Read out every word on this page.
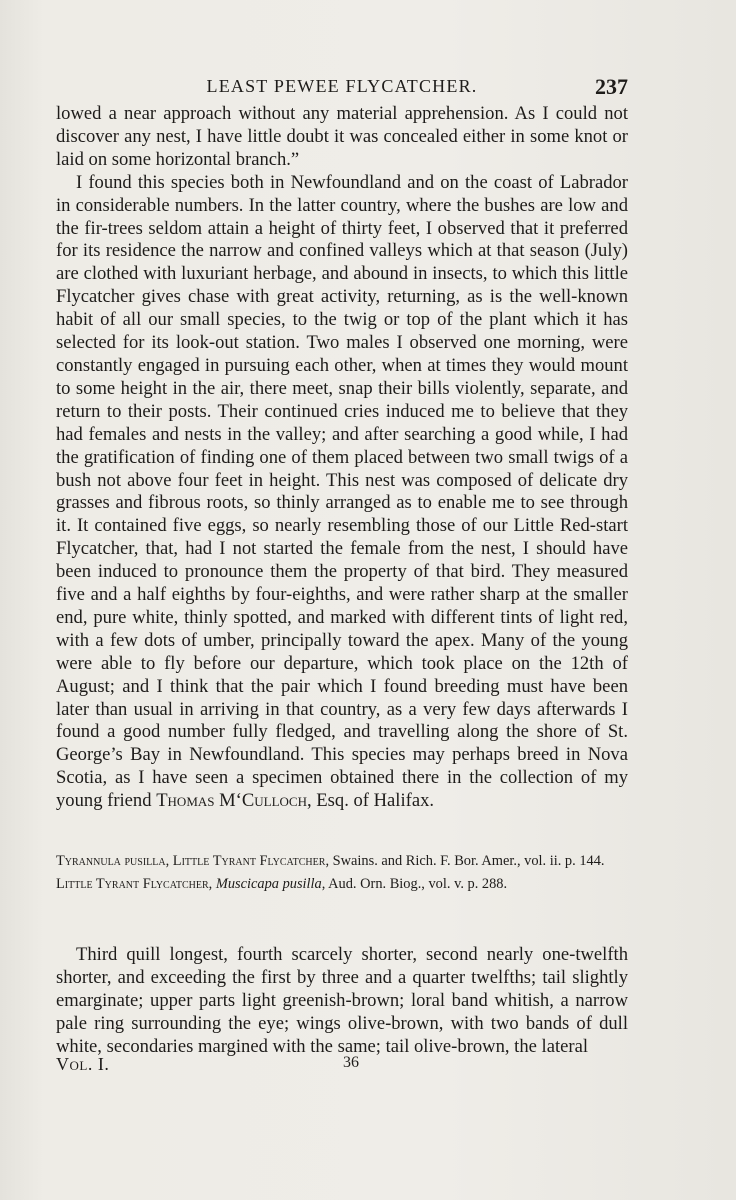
LEAST PEWEE FLYCATCHER.	237

lowed a near approach without any material apprehension. As I could not discover any nest, I have little doubt it was concealed either in some knot or laid on some horizontal branch.”

I found this species both in Newfoundland and on the coast of Labrador in considerable numbers. In the latter country, where the bushes are low and the fir-trees seldom attain a height of thirty feet, I observed that it preferred for its residence the narrow and confined valleys which at that season (July) are clothed with luxuriant herbage, and abound in insects, to which this little Flycatcher gives chase with great activity, returning, as is the well-known habit of all our small species, to the twig or top of the plant which it has selected for its look-out station. Two males I observed one morning, were constantly engaged in pursuing each other, when at times they would mount to some height in the air, there meet, snap their bills violently, separate, and return to their posts. Their continued cries induced me to believe that they had females and nests in the valley; and after searching a good while, I had the gratification of finding one of them placed between two small twigs of a bush not above four feet in height. This nest was composed of delicate dry grasses and fibrous roots, so thinly arranged as to enable me to see through it. It contained five eggs, so nearly resembling those of our Little Red-start Flycatcher, that, had I not started the female from the nest, I should have been induced to pronounce them the property of that bird. They measured five and a half eighths by four-eighths, and were rather sharp at the smaller end, pure white, thinly spotted, and marked with different tints of light red, with a few dots of umber, principally toward the apex. Many of the young were able to fly before our departure, which took place on the 12th of August; and I think that the pair which I found breeding must have been later than usual in arriving in that country, as a very few days afterwards I found a good number fully fledged, and travelling along the shore of St. George’s Bay in Newfoundland. This species may perhaps breed in Nova Scotia, as I have seen a specimen obtained there in the collection of my young friend Thomas M‘Culloch, Esq. of Halifax.

Tyrannula pusilla, Little Tyrant Flycatcher, Swains. and Rich. F. Bor. Amer., vol. ii. p. 144.

Little Tyrant Flycatcher, Muscicapa pusilla, Aud. Orn. Biog., vol. v. p. 288.

Third quill longest, fourth scarcely shorter, second nearly one-twelfth shorter, and exceeding the first by three and a quarter twelfths; tail slightly emarginate; upper parts light greenish-brown; loral band whitish, a narrow pale ring surrounding the eye; wings olive-brown, with two bands of dull white, secondaries margined with the same; tail olive-brown, the lateral

Vol. I.	36
